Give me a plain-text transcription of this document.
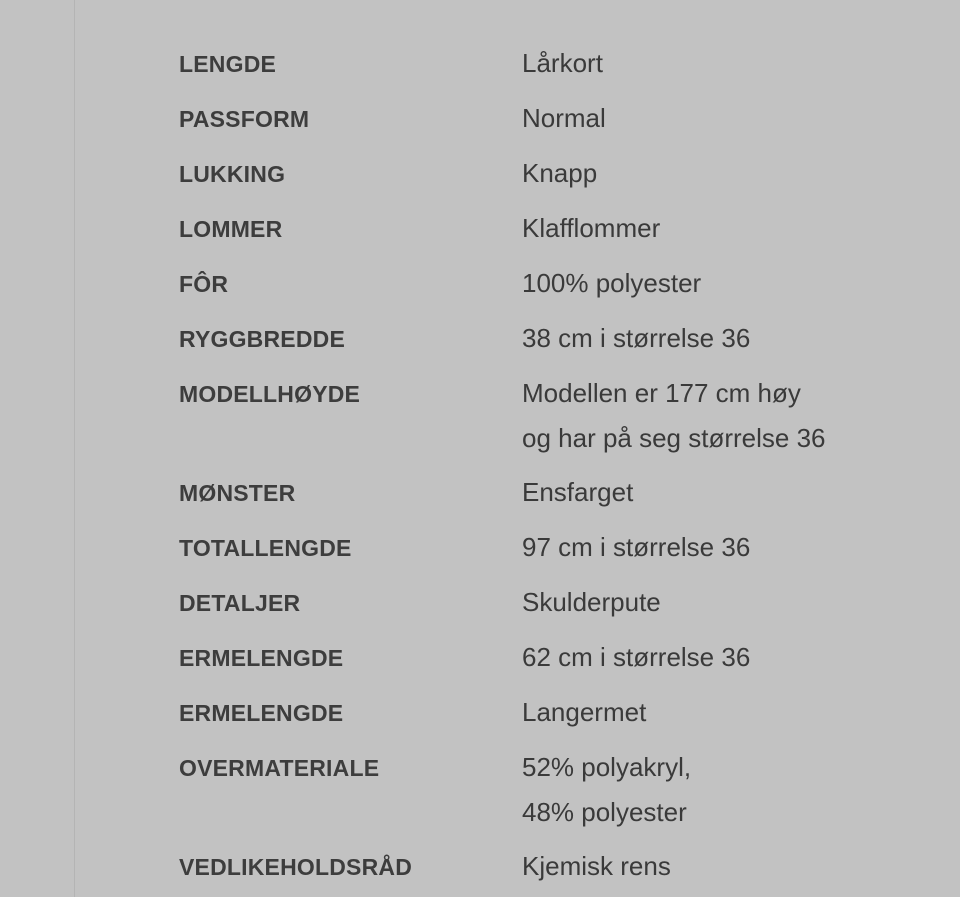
LENGDE	Lårkort
PASSFORM	Normal
LUKKING	Knapp
LOMMER	Klafflommer
FÔR	100% polyester
RYGGBREDDE	38 cm i størrelse 36
MODELLHØYDE	Modellen er 177 cm høy
og har på seg størrelse 36
MØNSTER	Ensfarget
TOTALLENGDE	97 cm i størrelse 36
DETALJER	Skulderpute
ERMELENGDE	62 cm i størrelse 36
ERMELENGDE	Langermet
OVERMATERIALE	52% polyakryl,
48% polyester
VEDLIKEHOLDSRÅD	Kjemisk rens
